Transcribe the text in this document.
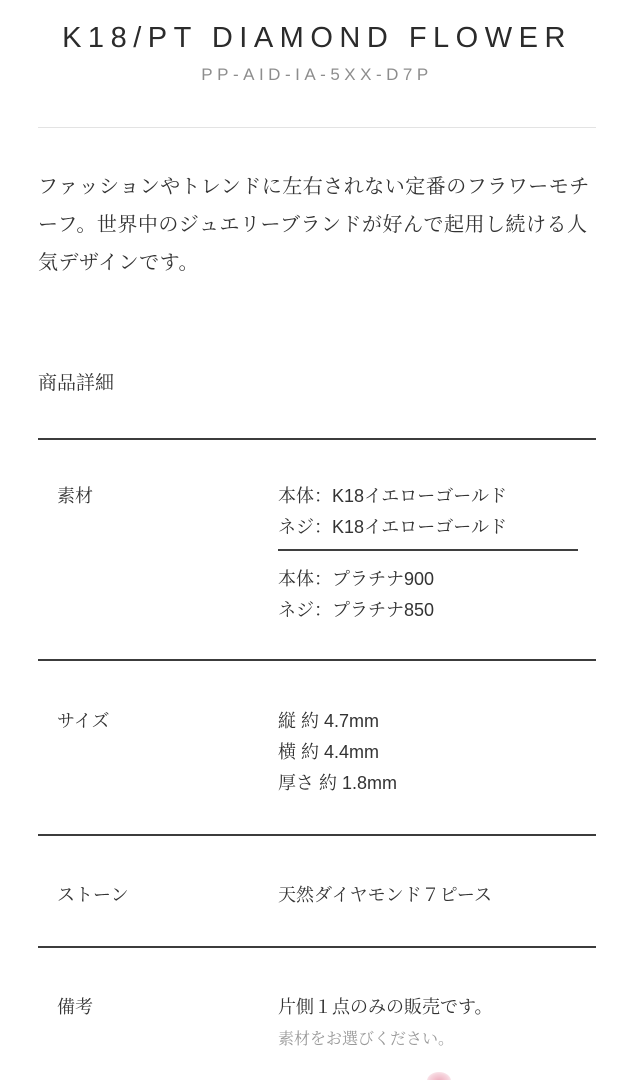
K18/PT DIAMOND FLOWER
PP-AID-IA-5XX-D7P

ファッションやトレンドに左右されない定番のフラワーモチーフ。世界中のジュエリーブランドが好んで起用し続ける人気デザインです。

商品詳細
素材	本体：K18イエローゴールド
ネジ：K18イエローゴールド
本体：プラチナ900
ネジ：プラチナ850
サイズ	縦 約 4.7mm
横 約 4.4mm
厚さ 約 1.8mm
ストーン	天然ダイヤモンド７ピース
備考	片側１点のみの販売です。
素材をお選びください。
